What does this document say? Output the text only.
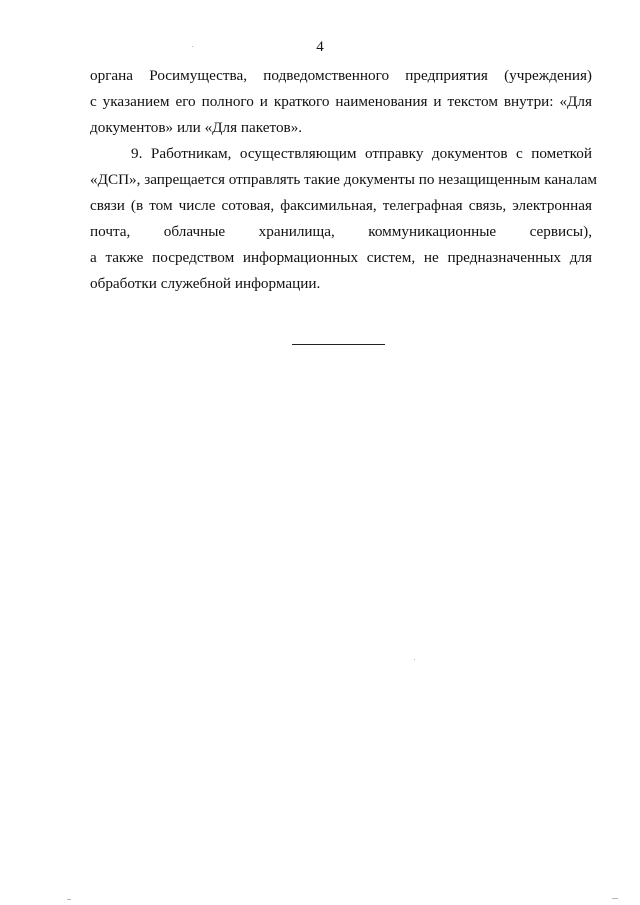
4
органа Росимущества, подведомственного предприятия (учреждения)
с указанием его полного и краткого наименования и текстом внутри: «Для
документов» или «Для пакетов».
9. Работникам, осуществляющим отправку документов с пометкой
«ДСП», запрещается отправлять такие документы по незащищенным каналам
связи (в том числе сотовая, факсимильная, телеграфная связь, электронная
почта, облачные хранилища, коммуникационные сервисы),
а также посредством информационных систем, не предназначенных для
обработки служебной информации.
